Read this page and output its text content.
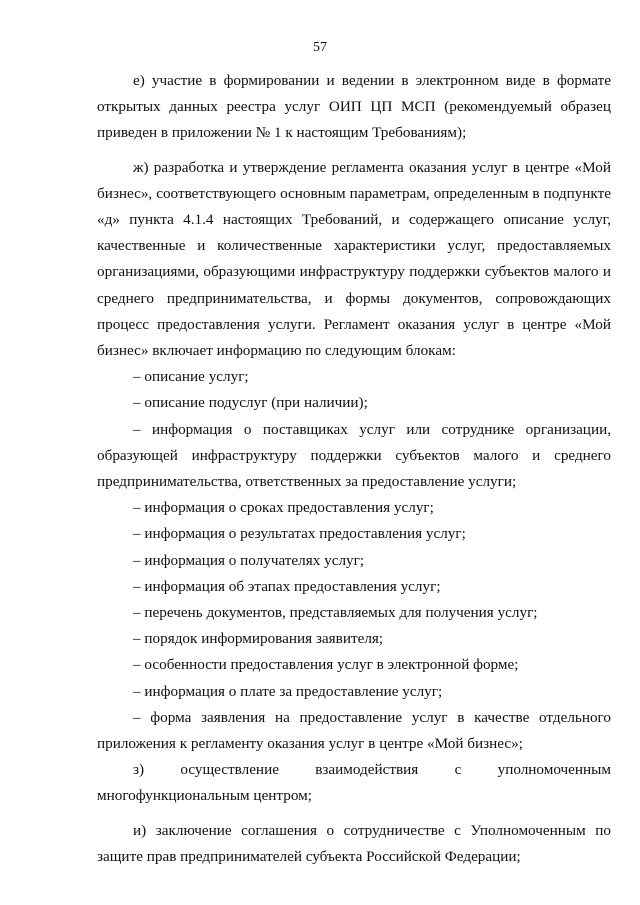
57

е) участие в формировании и ведении в электронном виде в формате открытых данных реестра услуг ОИП ЦП МСП (рекомендуемый образец приведен в приложении № 1 к настоящим Требованиям);

ж) разработка и утверждение регламента оказания услуг в центре «Мой бизнес», соответствующего основным параметрам, определенным в подпункте «д» пункта 4.1.4 настоящих Требований, и содержащего описание услуг, качественные и количественные характеристики услуг, предоставляемых организациями, образующими инфраструктуру поддержки субъектов малого и среднего предпринимательства, и формы документов, сопровождающих процесс предоставления услуги. Регламент оказания услуг в центре «Мой бизнес» включает информацию по следующим блокам:

– описание услуг;

– описание подуслуг (при наличии);

– информация о поставщиках услуг или сотруднике организации, образующей инфраструктуру поддержки субъектов малого и среднего предпринимательства, ответственных за предоставление услуги;

– информация о сроках предоставления услуг;

– информация о результатах предоставления услуг;

– информация о получателях услуг;

– информация об этапах предоставления услуг;

– перечень документов, представляемых для получения услуг;

– порядок информирования заявителя;

– особенности предоставления услуг в электронной форме;

– информация о плате за предоставление услуг;

– форма заявления на предоставление услуг в качестве отдельного приложения к регламенту оказания услуг в центре «Мой бизнес»;

з) осуществление взаимодействия с уполномоченным многофункциональным центром;

и) заключение соглашения о сотрудничестве с Уполномоченным по защите прав предпринимателей субъекта Российской Федерации;
